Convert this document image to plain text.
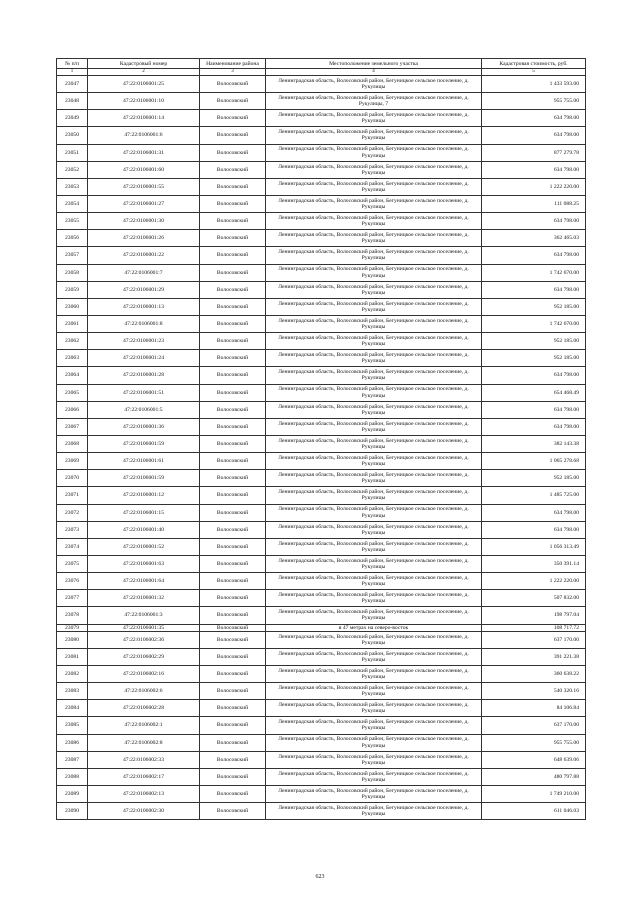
№ п/п	Кадастровый номер	Наименование района	Местоположение земельного участка	Кадастровая стоимость, руб.
1	2	3	4	5
23047	47:22:0106001:25	Волосовский	Ленинградская область, Волосовский район, Бегуницкое сельское поселение, д. Рукулицы	1 433 593.00
23048	47:22:0106001:10	Волосовский	Ленинградская область, Волосовский район, Бегуницкое сельское поселение, д. Рукулицы, 7	955 755.00
23049	47:22:0106001:14	Волосовский	Ленинградская область, Волосовский район, Бегуницкое сельское поселение, д. Рукулицы	634 798.00
23050	47:22:0106001:6	Волосовский	Ленинградская область, Волосовский район, Бегуницкое сельское поселение, д. Рукулицы	634 798.00
23051	47:22:0106001:31	Волосовский	Ленинградская область, Волосовский район, Бегуницкое сельское поселение, д. Рукулицы	877 279.78
23052	47:22:0106001:60	Волосовский	Ленинградская область, Волосовский район, Бегуницкое сельское поселение, д. Рукулицы	634 798.00
23053	47:22:0106001:55	Волосовский	Ленинградская область, Волосовский район, Бегуницкое сельское поселение, д. Рукулицы	1 222 220.00
23054	47:22:0106001:27	Волосовский	Ленинградская область, Волосовский район, Бегуницкое сельское поселение, д. Рукулицы	111 088.25
23055	47:22:0106001:30	Волосовский	Ленинградская область, Волосовский район, Бегуницкое сельское поселение, д. Рукулицы	634 798.00
23056	47:22:0106001:26	Волосовский	Ленинградская область, Волосовский район, Бегуницкое сельское поселение, д. Рукулицы	362 465.03
23057	47:22:0106001:22	Волосовский	Ленинградская область, Волосовский район, Бегуницкое сельское поселение, д. Рукулицы	634 798.00
23058	47:22:0106001:7	Волосовский	Ленинградская область, Волосовский район, Бегуницкое сельское поселение, д. Рукулицы	1 742 670.00
23059	47:22:0106001:29	Волосовский	Ленинградская область, Волосовский район, Бегуницкое сельское поселение, д. Рукулицы	634 798.00
23060	47:22:0106001:13	Волосовский	Ленинградская область, Волосовский район, Бегуницкое сельское поселение, д. Рукулицы	952 185.00
23061	47:22:0106001:8	Волосовский	Ленинградская область, Волосовский район, Бегуницкое сельское поселение, д. Рукулицы	1 742 670.00
23062	47:22:0106001:23	Волосовский	Ленинградская область, Волосовский район, Бегуницкое сельское поселение, д. Рукулицы	952 185.00
23063	47:22:0106001:24	Волосовский	Ленинградская область, Волосовский район, Бегуницкое сельское поселение, д. Рукулицы	952 185.00
23064	47:22:0106001:28	Волосовский	Ленинградская область, Волосовский район, Бегуницкое сельское поселение, д. Рукулицы	634 798.00
23065	47:22:0106001:51	Волосовский	Ленинградская область, Волосовский район, Бегуницкое сельское поселение, д. Рукулицы	654 468.49
23066	47:22:0106001:5	Волосовский	Ленинградская область, Волосовский район, Бегуницкое сельское поселение, д. Рукулицы	634 798.00
23067	47:22:0106001:36	Волосовский	Ленинградская область, Волосовский район, Бегуницкое сельское поселение, д. Рукулицы	634 798.00
23068	47:22:0106001:59	Волосовский	Ленинградская область, Волосовский район, Бегуницкое сельское поселение, д. Рукулицы	382 143.38
23069	47:22:0106001:61	Волосовский	Ленинградская область, Волосовский район, Бегуницкое сельское поселение, д. Рукулицы	1 065 278.68
23070	47:22:0106001:59	Волосовский	Ленинградская область, Волосовский район, Бегуницкое сельское поселение, д. Рукулицы	952 185.00
23071	47:22:0106001:12	Волосовский	Ленинградская область, Волосовский район, Бегуницкое сельское поселение, д. Рукулицы	1 485 725.00
23072	47:22:0106001:15	Волосовский	Ленинградская область, Волосовский район, Бегуницкое сельское поселение, д. Рукулицы	634 798.00
23073	47:22:0106001:40	Волосовский	Ленинградская область, Волосовский район, Бегуницкое сельское поселение, д. Рукулицы	634 798.00
23074	47:22:0106001:52	Волосовский	Ленинградская область, Волосовский район, Бегуницкое сельское поселение, д. Рукулицы	1 056 313.49
23075	47:22:0106001:63	Волосовский	Ленинградская область, Волосовский район, Бегуницкое сельское поселение, д. Рукулицы	350 391.14
23076	47:22:0106001:64	Волосовский	Ленинградская область, Волосовский район, Бегуницкое сельское поселение, д. Рукулицы	1 222 220.00
23077	47:22:0106001:32	Волосовский	Ленинградская область, Волосовский район, Бегуницкое сельское поселение, д. Рукулицы	507 832.00
23078	47:22:0106001:3	Волосовский	Ленинградская область, Волосовский район, Бегуницкое сельское поселение, д. Рукулицы	198 797.04
23079	47:22:0106001:35	Волосовский	в 47 метрах на северо-восток	108 717.72
23080	47:22:0106002:36	Волосовский	Ленинградская область, Волосовский район, Бегуницкое сельское поселение, д. Рукулицы	637 170.00
23081	47:22:0106002:29	Волосовский	Ленинградская область, Волосовский район, Бегуницкое сельское поселение, д. Рукулицы	391 221.38
23082	47:22:0106002:16	Волосовский	Ленинградская область, Волосовский район, Бегуницкое сельское поселение, д. Рукулицы	360 638.22
23083	47:22:0106002:6	Волосовский	Ленинградская область, Волосовский район, Бегуницкое сельское поселение, д. Рукулицы	540 320.16
23084	47:22:0106002:28	Волосовский	Ленинградская область, Волосовский район, Бегуницкое сельское поселение, д. Рукулицы	84 106.84
23085	47:22:0106002:1	Волосовский	Ленинградская область, Волосовский район, Бегуницкое сельское поселение, д. Рукулицы	637 170.00
23086	47:22:0106002:8	Волосовский	Ленинградская область, Волосовский район, Бегуницкое сельское поселение, д. Рукулицы	955 755.00
23087	47:22:0106002:33	Волосовский	Ленинградская область, Волосовский район, Бегуницкое сельское поселение, д. Рукулицы	648 639.06
23088	47:22:0106002:17	Волосовский	Ленинградская область, Волосовский район, Бегуницкое сельское поселение, д. Рукулицы	480 797.88
23089	47:22:0106002:13	Волосовский	Ленинградская область, Волосовский район, Бегуницкое сельское поселение, д. Рукулицы	1 749 210.00
23090	47:22:0106002:30	Волосовский	Ленинградская область, Волосовский район, Бегуницкое сельское поселение, д. Рукулицы	611 046.03
623
